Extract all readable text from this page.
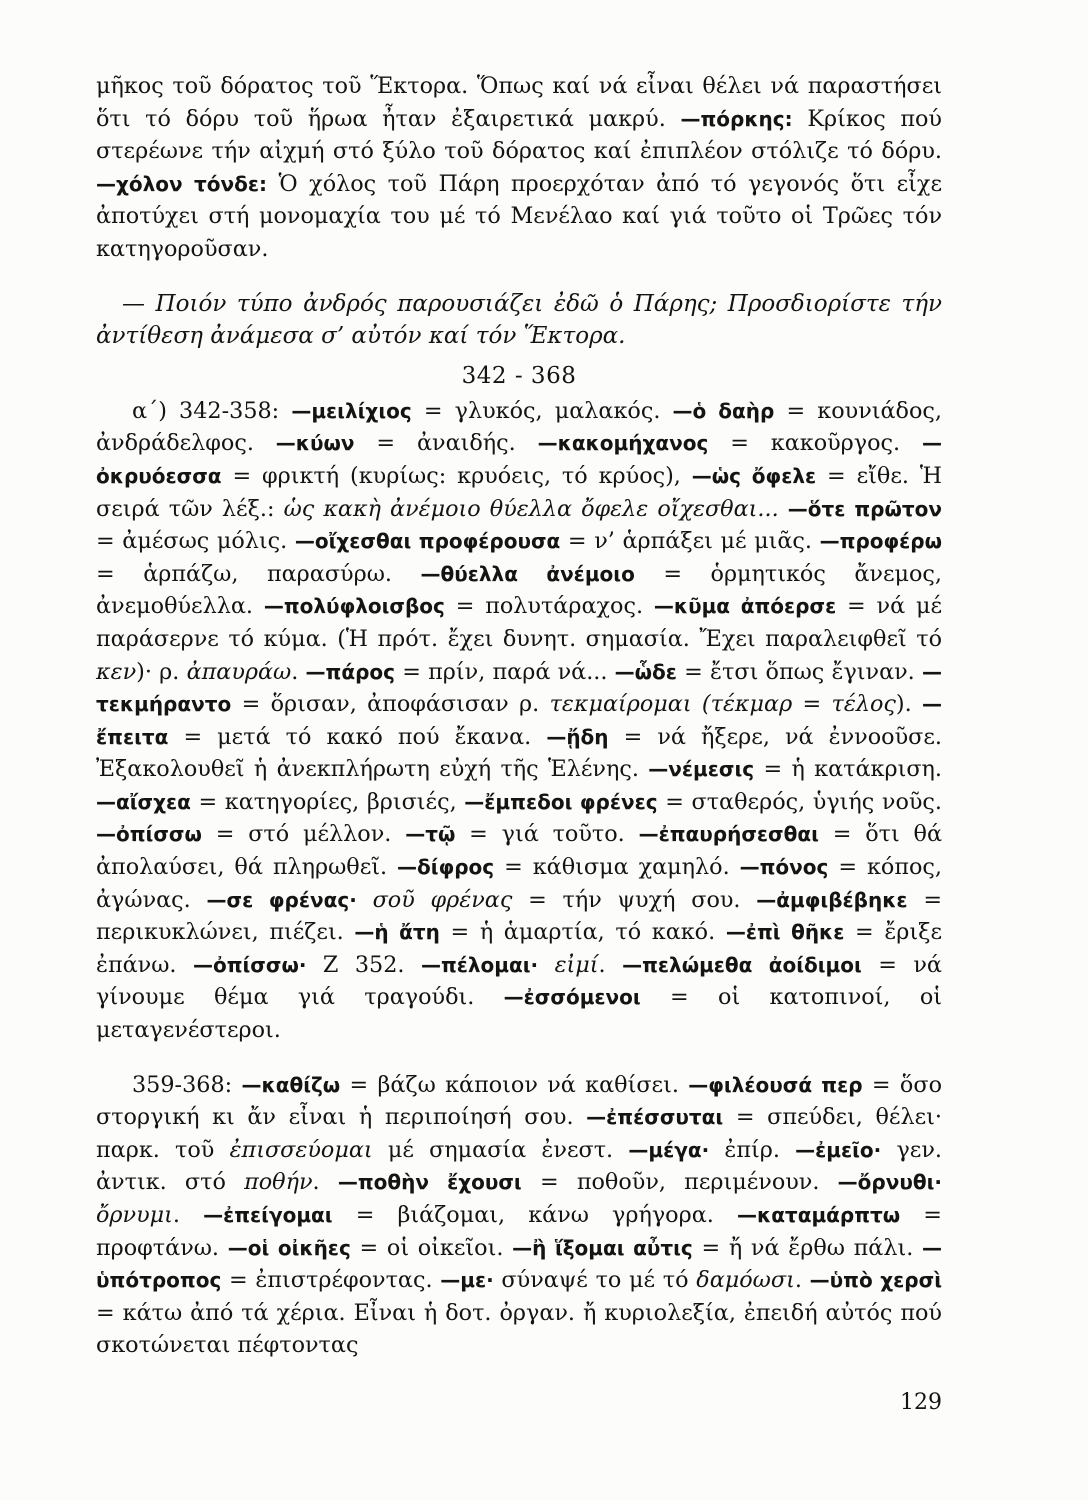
μῆκος τοῦ δόρατος τοῦ Ἕκτορα. Ὅπως καί νά εἶναι θέλει νά παραστήσει ὅτι τό δόρυ τοῦ ἥρωα ἦταν ἐξαιρετικά μακρύ. —πόρκης: Κρίκος πού στερέωνε τήν αἰχμή στό ξύλο τοῦ δόρατος καί ἐπιπλέον στόλιζε τό δόρυ. —χόλον τόνδε: Ὁ χόλος τοῦ Πάρη προερχόταν ἀπό τό γεγονός ὅτι εἶχε ἀποτύχει στή μονομαχία του μέ τό Μενέλαο καί γιά τοῦτο οἱ Τρῶες τόν κατηγοροῦσαν.

— Ποιόν τύπο ἀνδρός παρουσιάζει ἐδῶ ὁ Πάρης; Προσδιορίστε τήν ἀντίθεση ἀνάμεσα σ’ αὐτόν καί τόν Ἕκτορα.

342 - 368

α΄) 342-358: —μειλίχιος = γλυκός, μαλακός. —ὁ δαὴρ = κουνιάδος, ἀνδράδελφος. —κύων = ἀναιδής. —κακομήχανος = κακοῦργος. —ὀκρυόεσσα = φρικτή (κυρίως: κρυόεις, τό κρύος), —ὡς ὄφελε = εἴθε. Ἡ σειρά τῶν λέξ.: ὡς κακὴ ἀνέμοιο θύελλα ὄφελε οἴχεσθαι... —ὅτε πρῶτον = ἀμέσως μόλις. —οἴχεσθαι προφέρουσα = ν’ ἁρπάξει μέ μιᾶς. —προφέρω = ἁρπάζω, παρασύρω. —θύελλα ἀνέμοιο = ὁρμητικός ἄνεμος, ἀνεμοθύελλα. —πολύφλοισβος = πολυτάραχος. —κῦμα ἀπόερσε = νά μέ παράσερνε τό κύμα. (Ἡ πρότ. ἔχει δυνητ. σημασία. Ἔχει παραλειφθεῖ τό κεν)· ρ. ἀπαυράω. —πάρος = πρίν, παρά νά... —ὧδε = ἔτσι ὅπως ἔγιναν. —τεκμήραντο = ὅρισαν, ἀποφάσισαν ρ. τεκμαίρομαι (τέκμαρ = τέλος). —ἔπειτα = μετά τό κακό πού ἔκανα. —ᾔδη = νά ἤξερε, νά ἐννοοῦσε. Ἐξακολουθεῖ ἡ ἀνεκπλήρωτη εὐχή τῆς Ἑλένης. —νέμεσις = ἡ κατάκριση. —αἴσχεα = κατηγορίες, βρισιές, —ἔμπεδοι φρένες = σταθερός, ὑγιής νοῦς. —ὀπίσσω = στό μέλλον. —τῷ = γιά τοῦτο. —ἐπαυρήσεσθαι = ὅτι θά ἀπολαύσει, θά πληρωθεῖ. —δίφρος = κάθισμα χαμηλό. —πόνος = κόπος, ἀγώνας. —σε φρένας· σοῦ φρένας = τήν ψυχή σου. —ἀμφιβέβηκε = περικυκλώνει, πιέζει. —ἡ ἄτη = ἡ ἁμαρτία, τό κακό. —ἐπὶ θῆκε = ἔριξε ἐπάνω. —ὀπίσσω· Ζ 352. —πέλομαι· εἰμί. —πελώμεθα ἀοίδιμοι = νά γίνουμε θέμα γιά τραγούδι. —ἐσσόμενοι = οἱ κατοπινοί, οἱ μεταγενέστεροι.

359-368: —καθίζω = βάζω κάποιον νά καθίσει. —φιλέουσά περ = ὅσο στοργική κι ἄν εἶναι ἡ περιποίησή σου. —ἐπέσσυται = σπεύδει, θέλει· παρκ. τοῦ ἐπισσεύομαι μέ σημασία ἐνεστ. —μέγα· ἐπίρ. —ἐμεῖο· γεν. ἀντικ. στό ποθήν. —ποθὴν ἔχουσι = ποθοῦν, περιμένουν. —ὄρνυθι· ὄρνυμι. —ἐπείγομαι = βιάζομαι, κάνω γρήγορα. —καταμάρπτω = προφτάνω. —οἱ οἰκῆες = οἱ οἰκεῖοι. —ἢ ἵξομαι αὖτις = ἤ νά ἔρθω πάλι. —ὑπότροπος = ἐπιστρέφοντας. —με· σύναψέ το μέ τό δαμόωσι. —ὑπὸ χερσὶ = κάτω ἀπό τά χέρια. Εἶναι ἡ δοτ. ὀργαν. ἤ κυριολεξία, ἐπειδή αὐτός πού σκοτώνεται πέφτοντας

129
